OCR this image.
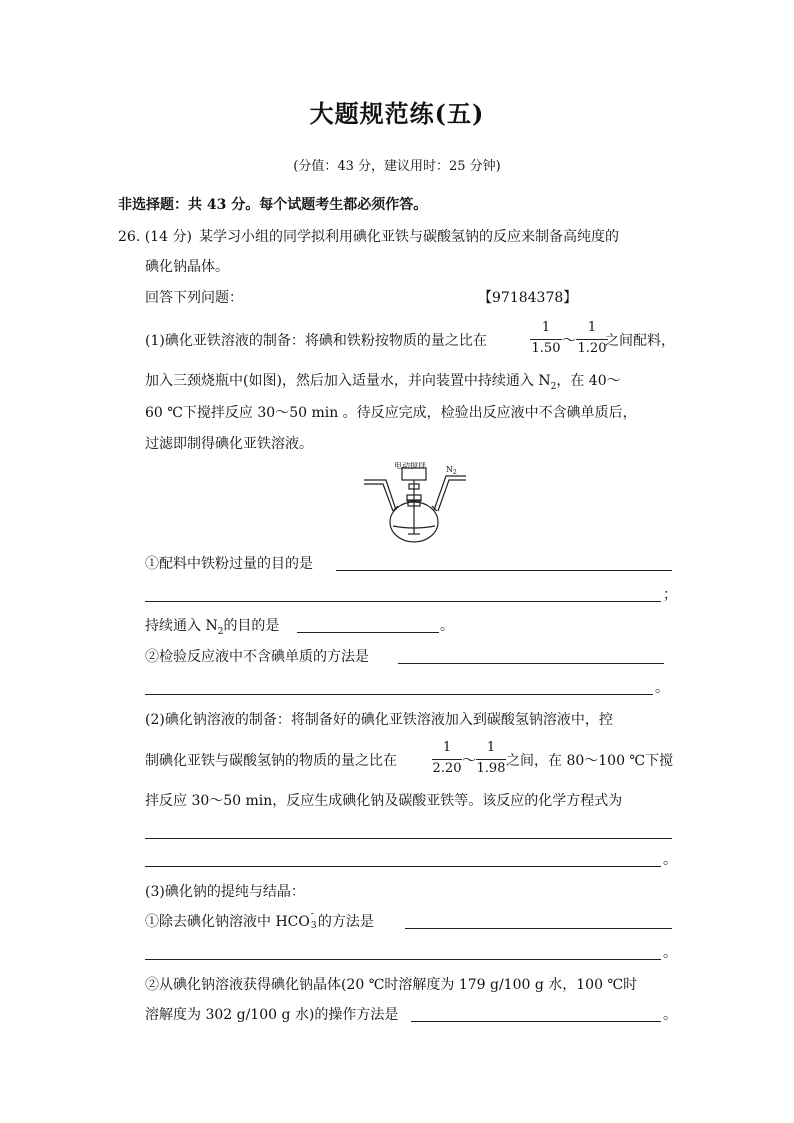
大题规范练(五)
(分值：43 分，建议用时：25 分钟)
非选择题：共 43 分。每个试题考生都必须作答。
26. (14 分) 某学习小组的同学拟利用碘化亚铁与碳酸氢钠的反应来制备高纯度的
碘化钠晶体。
回答下列问题：	【97184378】
(1)碘化亚铁溶液的制备：将碘和铁粉按物质的量之比在
1
1.50 ～
1
1.20
之间配料，
加入三颈烧瓶中(如图)，然后加入适量水，并向装置中持续通入 $N_2$，在 40～
60 ℃下搅拌反应 30～50 min 。待反应完成，检验出反应液中不含碘单质后，
过滤即制得碘化亚铁溶液。
电动搅拌	$N_2$
①配料中铁粉过量的目的是
；
持续通入 $N_2$的目的是	。
②检验反应液中不含碘单质的方法是
。
(2)碘化钠溶液的制备：将制备好的碘化亚铁溶液加入到碳酸氢钠溶液中，控
制碘化亚铁与碳酸氢钠的物质的量之比在
1
2.20 ～
1
1.98 之间，在 80～100 ℃下搅
拌反应 30～50 min，反应生成碘化钠及碳酸亚铁等。该反应的化学方程式为
。
(3)碘化钠的提纯与结晶：
①除去碘化钠溶液中 HCO -
3 的方法是
。
②从碘化钠溶液获得碘化钠晶体(20 ℃时溶解度为 179 g/100 g 水，100 ℃时
溶解度为 302 g/100 g 水)的操作方法是	。
